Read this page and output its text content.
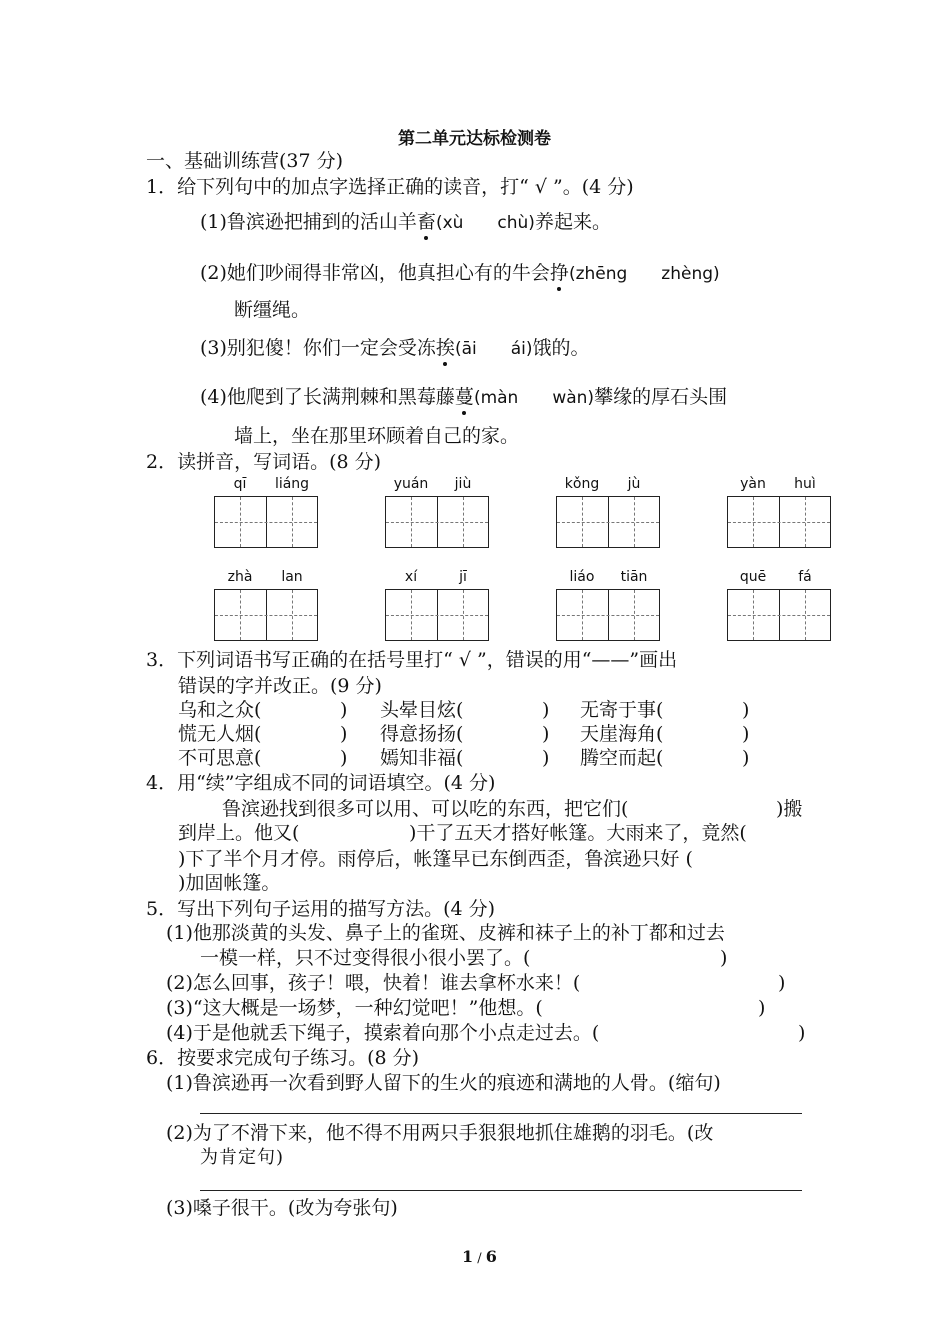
第二单元达标检测卷
一、基础训练营(37 分)
1．给下列句中的加点字选择正确的读音，打“ √ ”。(4 分)
(1)鲁滨逊把捕到的活山羊畜(xù chù)养起来。
(2)她们吵闹得非常凶，他真担心有的牛会挣(zhēng zhèng)
断缰绳。
(3)别犯傻！你们一定会受冻挨(āi ái)饿的。
(4)他爬到了长满荆棘和黑莓藤蔓(màn wàn)攀缘的厚石头围
墙上，坐在那里环顾着自己的家。
2．读拼音，写词语。(8 分)
qī	liáng	yuán	jiù	kǒng	jù	yàn	huì
zhà	lan	xí	jī	liáo	tiān	quē	fá
3．下列词语书写正确的在括号里打“ √ ”，错误的用“——”画出
错误的字并改正。(9 分)
乌和之众(	) 头晕目炫(	) 无寄于事(	)
慌无人烟(	) 得意扬扬(	) 天崖海角(	)
不可思意(	) 嫣知非福(	) 腾空而起(	)
4．用“续”字组成不同的词语填空。(4 分)
鲁滨逊找到很多可以用、可以吃的东西，把它们(	)搬
到岸上。他又(	)干了五天才搭好帐篷。大雨来了，竟然(
)下了半个月才停。雨停后，帐篷早已东倒西歪，鲁滨逊只好 (
)加固帐篷。
5．写出下列句子运用的描写方法。(4 分)
(1)他那淡黄的头发、鼻子上的雀斑、皮裤和袜子上的补丁都和过去
一模一样，只不过变得很小很小罢了。(	)
(2)怎么回事，孩子！喂，快着！谁去拿杯水来！(	)
(3)“这大概是一场梦，一种幻觉吧！”他想。(	)
(4)于是他就丢下绳子，摸索着向那个小点走过去。(	)
6．按要求完成句子练习。(8 分)
(1)鲁滨逊再一次看到野人留下的生火的痕迹和满地的人骨。(缩句)
(2)为了不滑下来，他不得不用两只手狠狠地抓住雄鹅的羽毛。(改
为肯定句)
(3)嗓子很干。(改为夸张句)
1 / 6
